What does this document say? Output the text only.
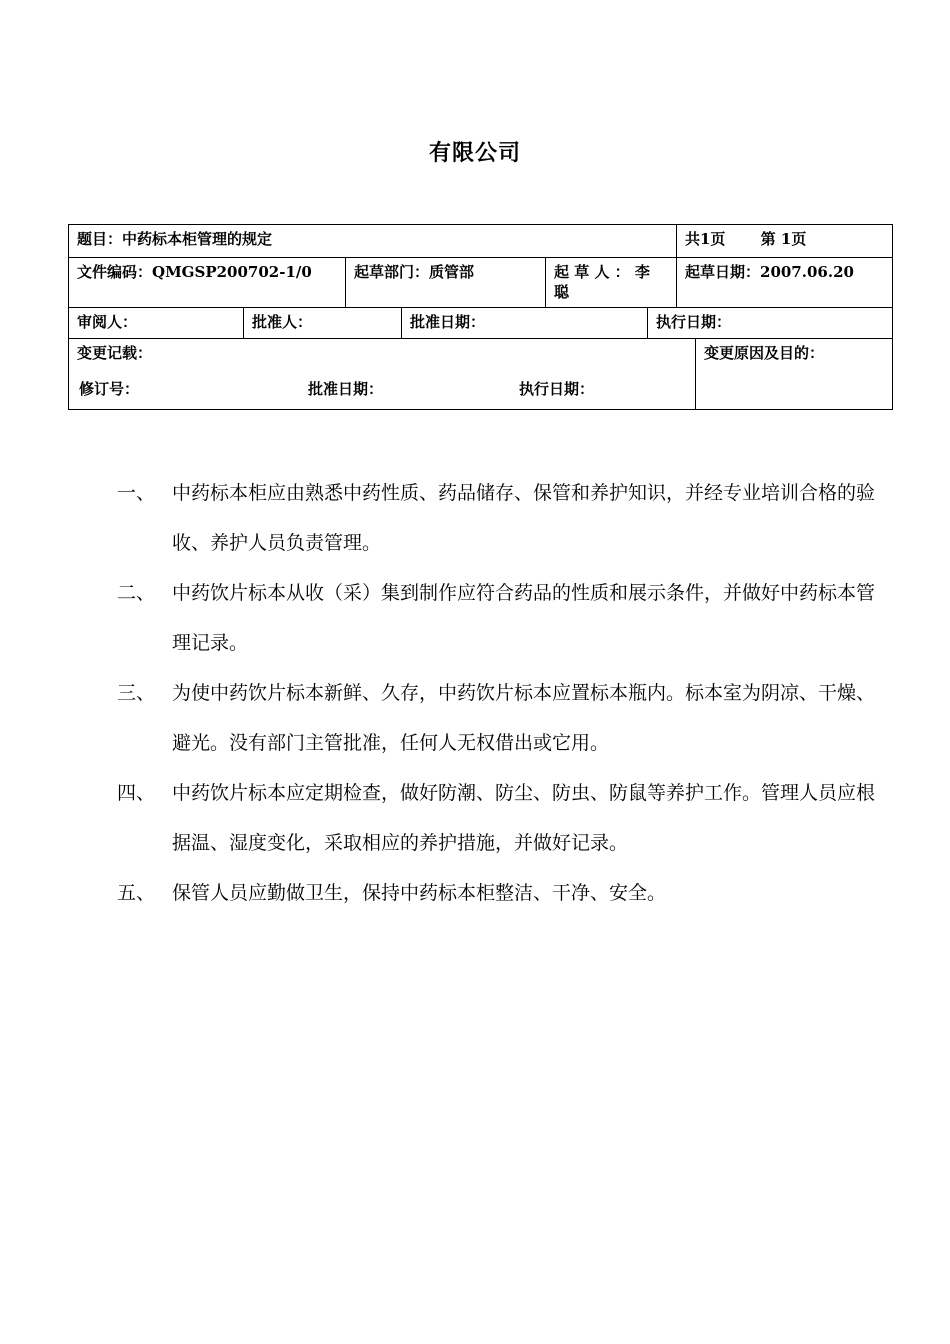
有限公司
题目：中药标本柜管理的规定	共1页 第 1页
文件编码：QMGSP200702-1/0	起草部门：质管部	起 草 人 ： 李
聪
起草日期：2007.06.20
审阅人：	批准人：	批准日期：	执行日期：
变更记载：
修订号：	批准日期：	执行日期：
变更原因及目的：
一、 中药标本柜应由熟悉中药性质、药品储存、保管和养护知识，并经专业培训合格的验收、养护人员负责管理。
二、 中药饮片标本从收（采）集到制作应符合药品的性质和展示条件，并做好中药标本管理记录。
三、 为使中药饮片标本新鲜、久存，中药饮片标本应置标本瓶内。标本室为阴凉、干燥、避光。没有部门主管批准，任何人无权借出或它用。
四、 中药饮片标本应定期检查，做好防潮、防尘、防虫、防鼠等养护工作。管理人员应根据温、湿度变化，采取相应的养护措施，并做好记录。
五、 保管人员应勤做卫生，保持中药标本柜整洁、干净、安全。
